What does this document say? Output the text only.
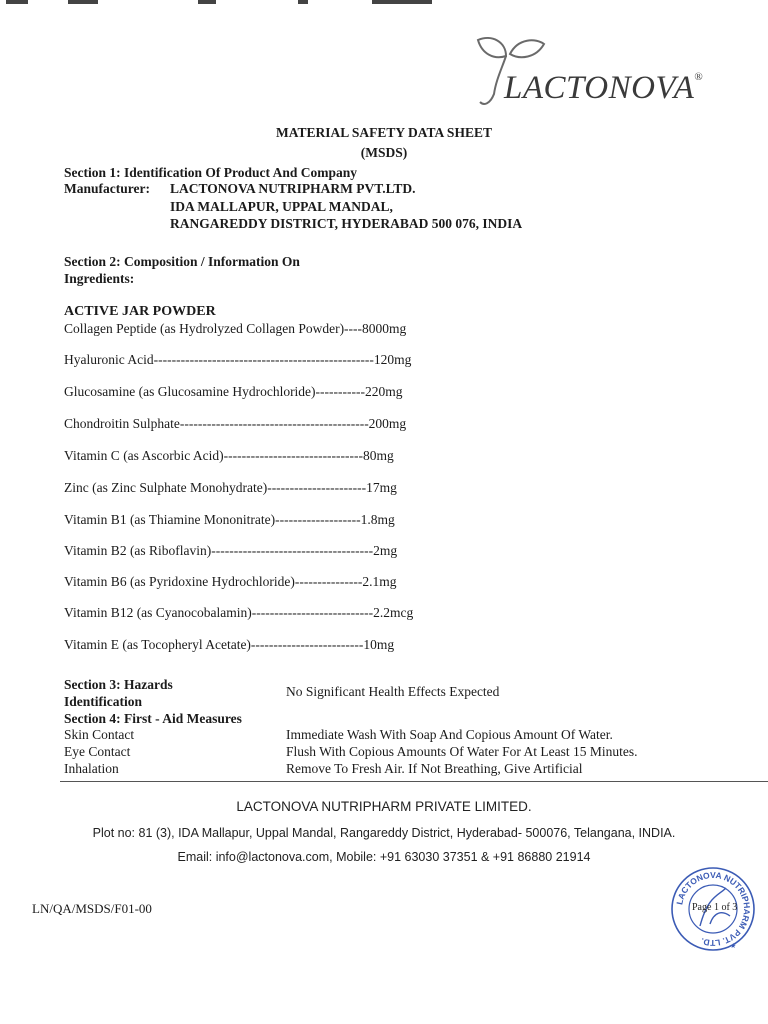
LACTONOVA®
MATERIAL SAFETY DATA SHEET
(MSDS)
Section 1: Identification Of Product And Company
Manufacturer: LACTONOVA NUTRIPHARM PVT.LTD.
IDA MALLAPUR, UPPAL MANDAL,
RANGAREDDY DISTRICT, HYDERABAD 500 076, INDIA
Section 2: Composition / Information On
Ingredients:
ACTIVE JAR POWDER
Collagen Peptide (as Hydrolyzed Collagen Powder)----8000mg
Hyaluronic Acid-------------------------------------------------120mg
Glucosamine (as Glucosamine Hydrochloride)-----------220mg
Chondroitin Sulphate------------------------------------------200mg
Vitamin C (as Ascorbic Acid)-------------------------------80mg
Zinc (as Zinc Sulphate Monohydrate)----------------------17mg
Vitamin B1 (as Thiamine Mononitrate)-------------------1.8mg
Vitamin B2 (as Riboflavin)------------------------------------2mg
Vitamin B6 (as Pyridoxine Hydrochloride)---------------2.1mg
Vitamin B12 (as Cyanocobalamin)---------------------------2.2mcg
Vitamin E (as Tocopheryl Acetate)-------------------------10mg
Section 3: Hazards
Identification
No Significant Health Effects Expected
Section 4: First - Aid Measures
Skin Contact	Immediate Wash With Soap And Copious Amount Of Water.
Eye Contact	Flush With Copious Amounts Of Water For At Least 15 Minutes.
Inhalation	Remove To Fresh Air. If Not Breathing, Give Artificial
LACTONOVA NUTRIPHARM PRIVATE LIMITED.
Plot no: 81 (3), IDA Mallapur, Uppal Mandal, Rangareddy District, Hyderabad- 500076, Telangana, INDIA.
Email: info@lactonova.com, Mobile: +91 63030 37351 & +91 86880 21914
LN/QA/MSDS/F01-00	LACTONOVA NUTRIPHARM PVT. LTD.	★
Page 1 of 3
